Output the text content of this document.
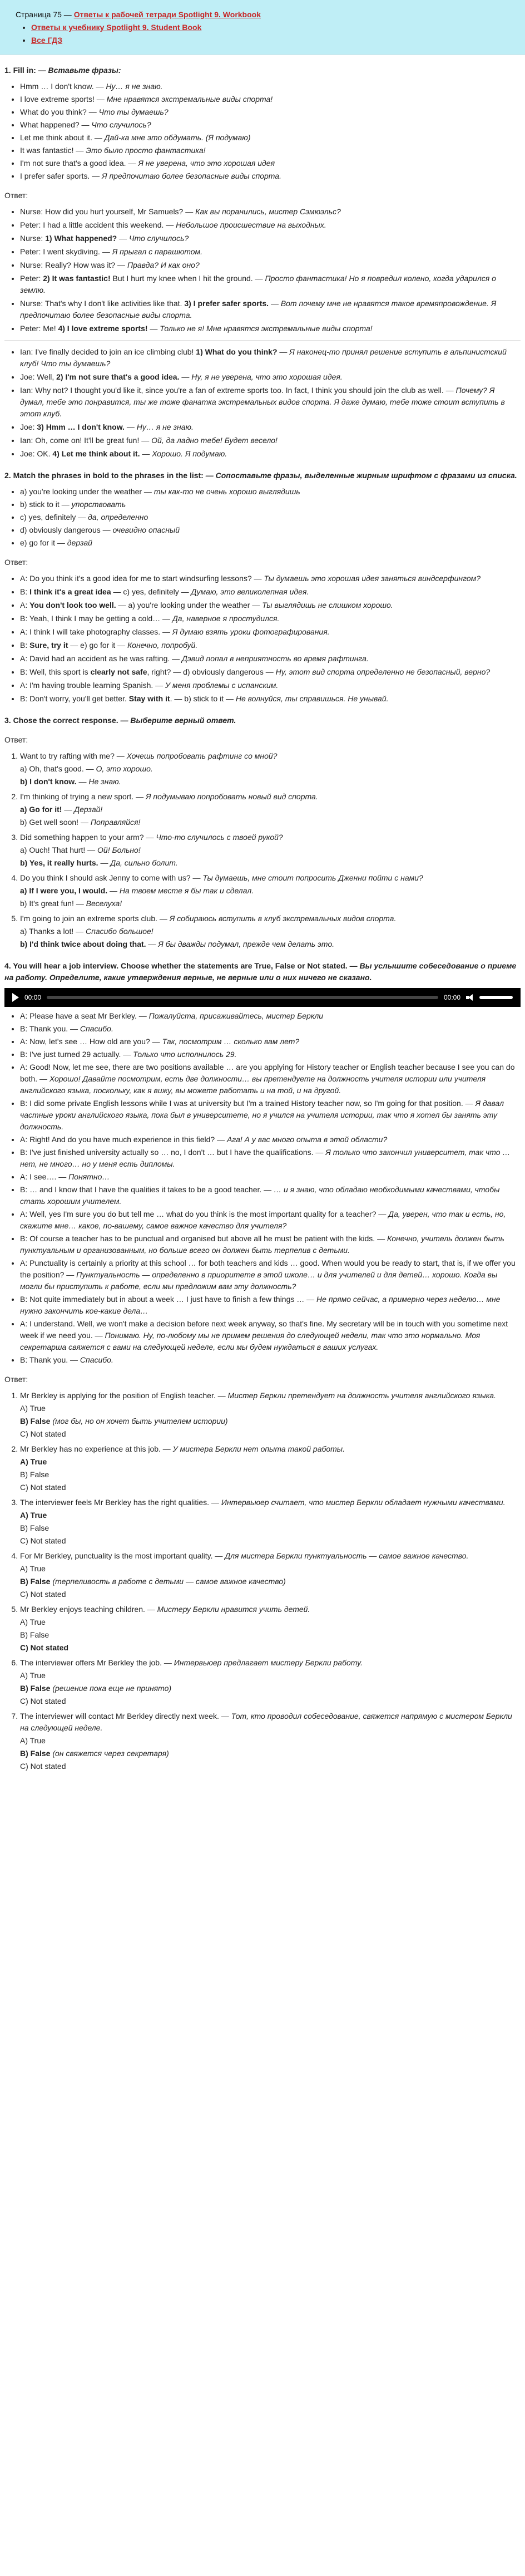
Страница 75 — Ответы к рабочей тетради Spotlight 9. Workbook
• Ответы к учебнику Spotlight 9. Student Book
• Все ГДЗ
1. Fill in: — Вставьте фразы:
• Hmm … I don't know. — Ну… я не знаю.
• I love extreme sports! — Мне нравятся экстремальные виды спорта!
• What do you think? — Что ты думаешь?
• What happened? — Что случилось?
• Let me think about it. — Дай-ка мне это обдумать. (Я подумаю)
• It was fantastic! — Это было просто фантастика!
• I'm not sure that's a good idea. — Я не уверена, что это хорошая идея
• I prefer safer sports. — Я предпочитаю более безопасные виды спорта.
Ответ:
• Nurse: How did you hurt yourself, Mr Samuels? — Как вы поранились, мистер Сэмюэльс?
• Peter: I had a little accident this weekend. — Небольшое происшествие на выходных.
• Nurse: 1) What happened? — Что случилось?
• Peter: I went skydiving. — Я прыгал с парашютом.
• Nurse: Really? How was it? — Правда? И как оно?
• Peter: 2) It was fantastic! But I hurt my knee when I hit the ground. — Просто фантастика! Но я повредил колено, когда ударился о землю.
• Nurse: That's why I don't like activities like that. 3) I prefer safer sports. — Вот почему мне не нравятся такое времяпровождение. Я предпочитаю более безопасные виды спорта.
• Peter: Me! 4) I love extreme sports! — Только не я! Мне нравятся экстремальные виды спорта!
• Ian: I've finally decided to join an ice climbing club! 1) What do you think? — Я наконец-то принял решение вступить в альпинистский клуб! Что ты думаешь?
• Joe: Well, 2) I'm not sure that's a good idea. — Ну, я не уверена, что это хорошая идея.
• Ian: Why not? I thought you'd like it, since you're a fan of extreme sports too. In fact, I think you should join the club as well. — Почему? Я думал, тебе это понравится, ты же тоже фанатка экстремальных видов спорта. Я даже думаю, тебе тоже стоит вступить в этот клуб.
• Joe: 3) Hmm … I don't know. — Ну… я не знаю.
• Ian: Oh, come on! It'll be great fun! — Ой, да ладно тебе! Будет весело!
• Joe: OK. 4) Let me think about it. — Хорошо. Я подумаю.
2. Match the phrases in bold to the phrases in the list: — Сопоставьте фразы, выделенные жирным шрифтом с фразами из списка.
• a) you're looking under the weather — ты как-то не очень хорошо выглядишь
• b) stick to it — упорствовать
• c) yes, definitely — да, определенно
• d) obviously dangerous — очевидно опасный
• e) go for it — дерзай
Ответ:
• A: Do you think it's a good idea for me to start windsurfing lessons? — Ты думаешь это хорошая идея заняться виндсерфингом?
• B: I think it's a great idea — c) yes, definitely — Думаю, это великолепная идея.
• A: You don't look too well. — a) you're looking under the weather — Ты выглядишь не слишком хорошо.
• B: Yeah, I think I may be getting a cold… — Да, наверное я простудился.
• A: I think I will take photography classes. — Я думаю взять уроки фотографирования.
• B: Sure, try it — e) go for it — Конечно, попробуй.
• A: David had an accident as he was rafting. — Дэвид попал в неприятность во время рафтинга.
• B: Well, this sport is clearly not safe, right? — d) obviously dangerous — Ну, этот вид спорта определенно не безопасный, верно?
• A: I'm having trouble learning Spanish. — У меня проблемы с испанским.
• B: Don't worry, you'll get better. Stay with it. — b) stick to it — Не волнуйся, ты справишься. Не унывай.
3. Chose the correct response. — Выберите верный ответ.
Ответ:
1. Want to try rafting with me? — Хочешь попробовать рафтинг со мной?
a) Oh, that's good. — О, это хорошо.
b) I don't know. — Не знаю.
2. I'm thinking of trying a new sport. — Я подумываю попробовать новый вид спорта.
a) Go for it! — Дерзай!
b) Get well soon! — Поправляйся!
3. Did something happen to your arm? — Что-то случилось с твоей рукой?
a) Ouch! That hurt! — Ой! Больно!
b) Yes, it really hurts. — Да, сильно болит.
4. Do you think I should ask Jenny to come with us? — Ты думаешь, мне стоит попросить Дженни пойти с нами?
a) If I were you, I would. — На твоем месте я бы так и сделал.
b) It's great fun! — Веселуха!
5. I'm going to join an extreme sports club. — Я собираюсь вступить в клуб экстремальных видов спорта.
a) Thanks a lot! — Спасибо большое!
b) I'd think twice about doing that. — Я бы дважды подумал, прежде чем делать это.
4. You will hear a job interview. Choose whether the statements are True, False or Not stated. — Вы услышите собеседование о приеме на работу. Определите, какие утверждения верные, не верные или о них ничего не сказано.
00:00	00:00
• A: Please have a seat Mr Berkley. — Пожалуйста, присаживайтесь, мистер Беркли
• B: Thank you. — Спасибо.
• A: Now, let's see … How old are you? — Так, посмотрим … сколько вам лет?
• B: I've just turned 29 actually. — Только что исполнилось 29.
• A: Good! Now, let me see, there are two positions available … are you applying for History teacher or English teacher because I see you can do both. — Хорошо! Давайте посмотрим, есть две должности… вы претендуете на должность учителя истории или учителя английского языка, поскольку, как я вижу, вы можете работать и на той, и на другой.
• B: I did some private English lessons while I was at university but I'm a trained History teacher now, so I'm going for that position. — Я давал частные уроки английского языка, пока был в университете, но я учился на учителя истории, так что я хотел бы занять эту должность.
• A: Right! And do you have much experience in this field? — Ага! А у вас много опыта в этой области?
• B: I've just finished university actually so … no, I don't … but I have the qualifications. — Я только что закончил университет, так что … нет, не много… но у меня есть дипломы.
• A: I see…. — Понятно…
• B: … and I know that I have the qualities it takes to be a good teacher. — … и я знаю, что обладаю необходимыми качествами, чтобы стать хорошим учителем.
• A: Well, yes I'm sure you do but tell me … what do you think is the most important quality for a teacher? — Да, уверен, что так и есть, но, скажите мне… какое, по-вашему, самое важное качество для учителя?
• B: Of course a teacher has to be punctual and organised but above all he must be patient with the kids. — Конечно, учитель должен быть пунктуальным и организованным, но больше всего он должен быть терпелив с детьми.
• A: Punctuality is certainly a priority at this school … for both teachers and kids … good. When would you be ready to start, that is, if we offer you the position? — Пунктуальность — определенно в приоритете в этой школе… и для учителей и для детей… хорошо. Когда вы могли бы приступить к работе, если мы предложим вам эту должность?
• B: Not quite immediately but in about a week … I just have to finish a few things … — Не прямо сейчас, а примерно через неделю… мне нужно закончить кое-какие дела…
• A: I understand. Well, we won't make a decision before next week anyway, so that's fine. My secretary will be in touch with you sometime next week if we need you. — Понимаю. Ну, по-любому мы не примем решения до следующей недели, так что это нормально. Моя секретарша свяжется с вами на следующей неделе, если мы будем нуждаться в ваших услугах.
• B: Thank you. — Спасибо.
Ответ:
1. Mr Berkley is applying for the position of English teacher. — Мистер Беркли претендует на должность учителя английского языка.
A) True
B) False (мог бы, но он хочет быть учителем истории)
C) Not stated
2. Mr Berkley has no experience at this job. — У мистера Беркли нет опыта такой работы.
A) True
B) False
C) Not stated
3. The interviewer feels Mr Berkley has the right qualities. — Интервьюер считает, что мистер Беркли обладает нужными качествами.
A) True
B) False
C) Not stated
4. For Mr Berkley, punctuality is the most important quality. — Для мистера Беркли пунктуальность — самое важное качество.
A) True
B) False (терпеливость в работе с детьми — самое важное качество)
C) Not stated
5. Mr Berkley enjoys teaching children. — Мистеру Беркли нравится учить детей.
A) True
B) False
C) Not stated
6. The interviewer offers Mr Berkley the job. — Интервьюер предлагает мистеру Беркли работу.
A) True
B) False (решение пока еще не принято)
C) Not stated
7. The interviewer will contact Mr Berkley directly next week. — Тот, кто проводил собеседование, свяжется напрямую с мистером Беркли на следующей неделе.
A) True
B) False (он свяжется через секретаря)
C) Not stated
